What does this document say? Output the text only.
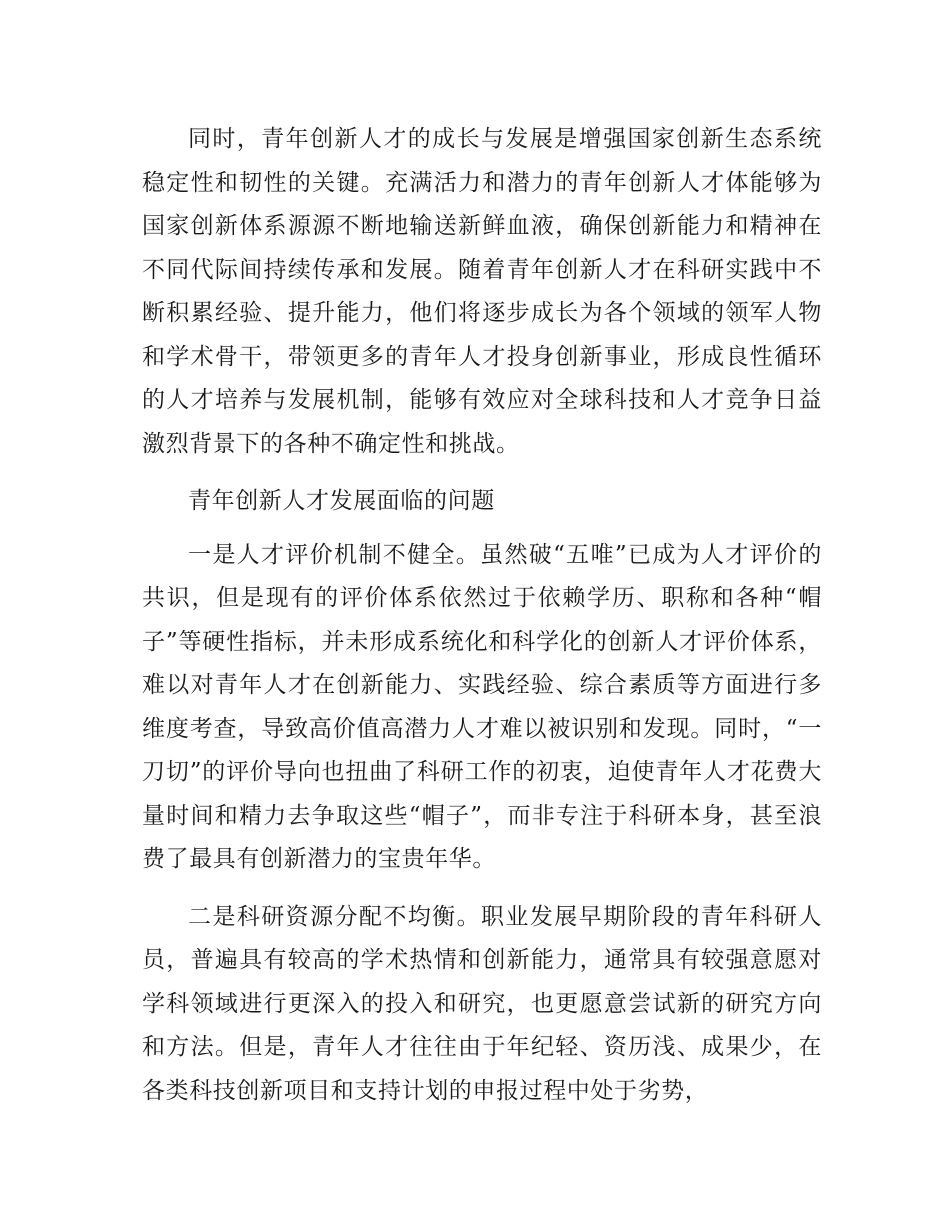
同时，青年创新人才的成长与发展是增强国家创新生态系统稳定性和韧性的关键。充满活力和潜力的青年创新人才体能够为国家创新体系源源不断地输送新鲜血液，确保创新能力和精神在不同代际间持续传承和发展。随着青年创新人才在科研实践中不断积累经验、提升能力，他们将逐步成长为各个领域的领军人物和学术骨干，带领更多的青年人才投身创新事业，形成良性循环的人才培养与发展机制，能够有效应对全球科技和人才竞争日益激烈背景下的各种不确定性和挑战。

青年创新人才发展面临的问题

一是人才评价机制不健全。虽然破“五唯”已成为人才评价的共识，但是现有的评价体系依然过于依赖学历、职称和各种“帽子”等硬性指标，并未形成系统化和科学化的创新人才评价体系，难以对青年人才在创新能力、实践经验、综合素质等方面进行多维度考查，导致高价值高潜力人才难以被识别和发现。同时，“一刀切”的评价导向也扭曲了科研工作的初衷，迫使青年人才花费大量时间和精力去争取这些“帽子”，而非专注于科研本身，甚至浪费了最具有创新潜力的宝贵年华。

二是科研资源分配不均衡。职业发展早期阶段的青年科研人员，普遍具有较高的学术热情和创新能力，通常具有较强意愿对学科领域进行更深入的投入和研究，也更愿意尝试新的研究方向和方法。但是，青年人才往往由于年纪轻、资历浅、成果少，在各类科技创新项目和支持计划的申报过程中处于劣势，
